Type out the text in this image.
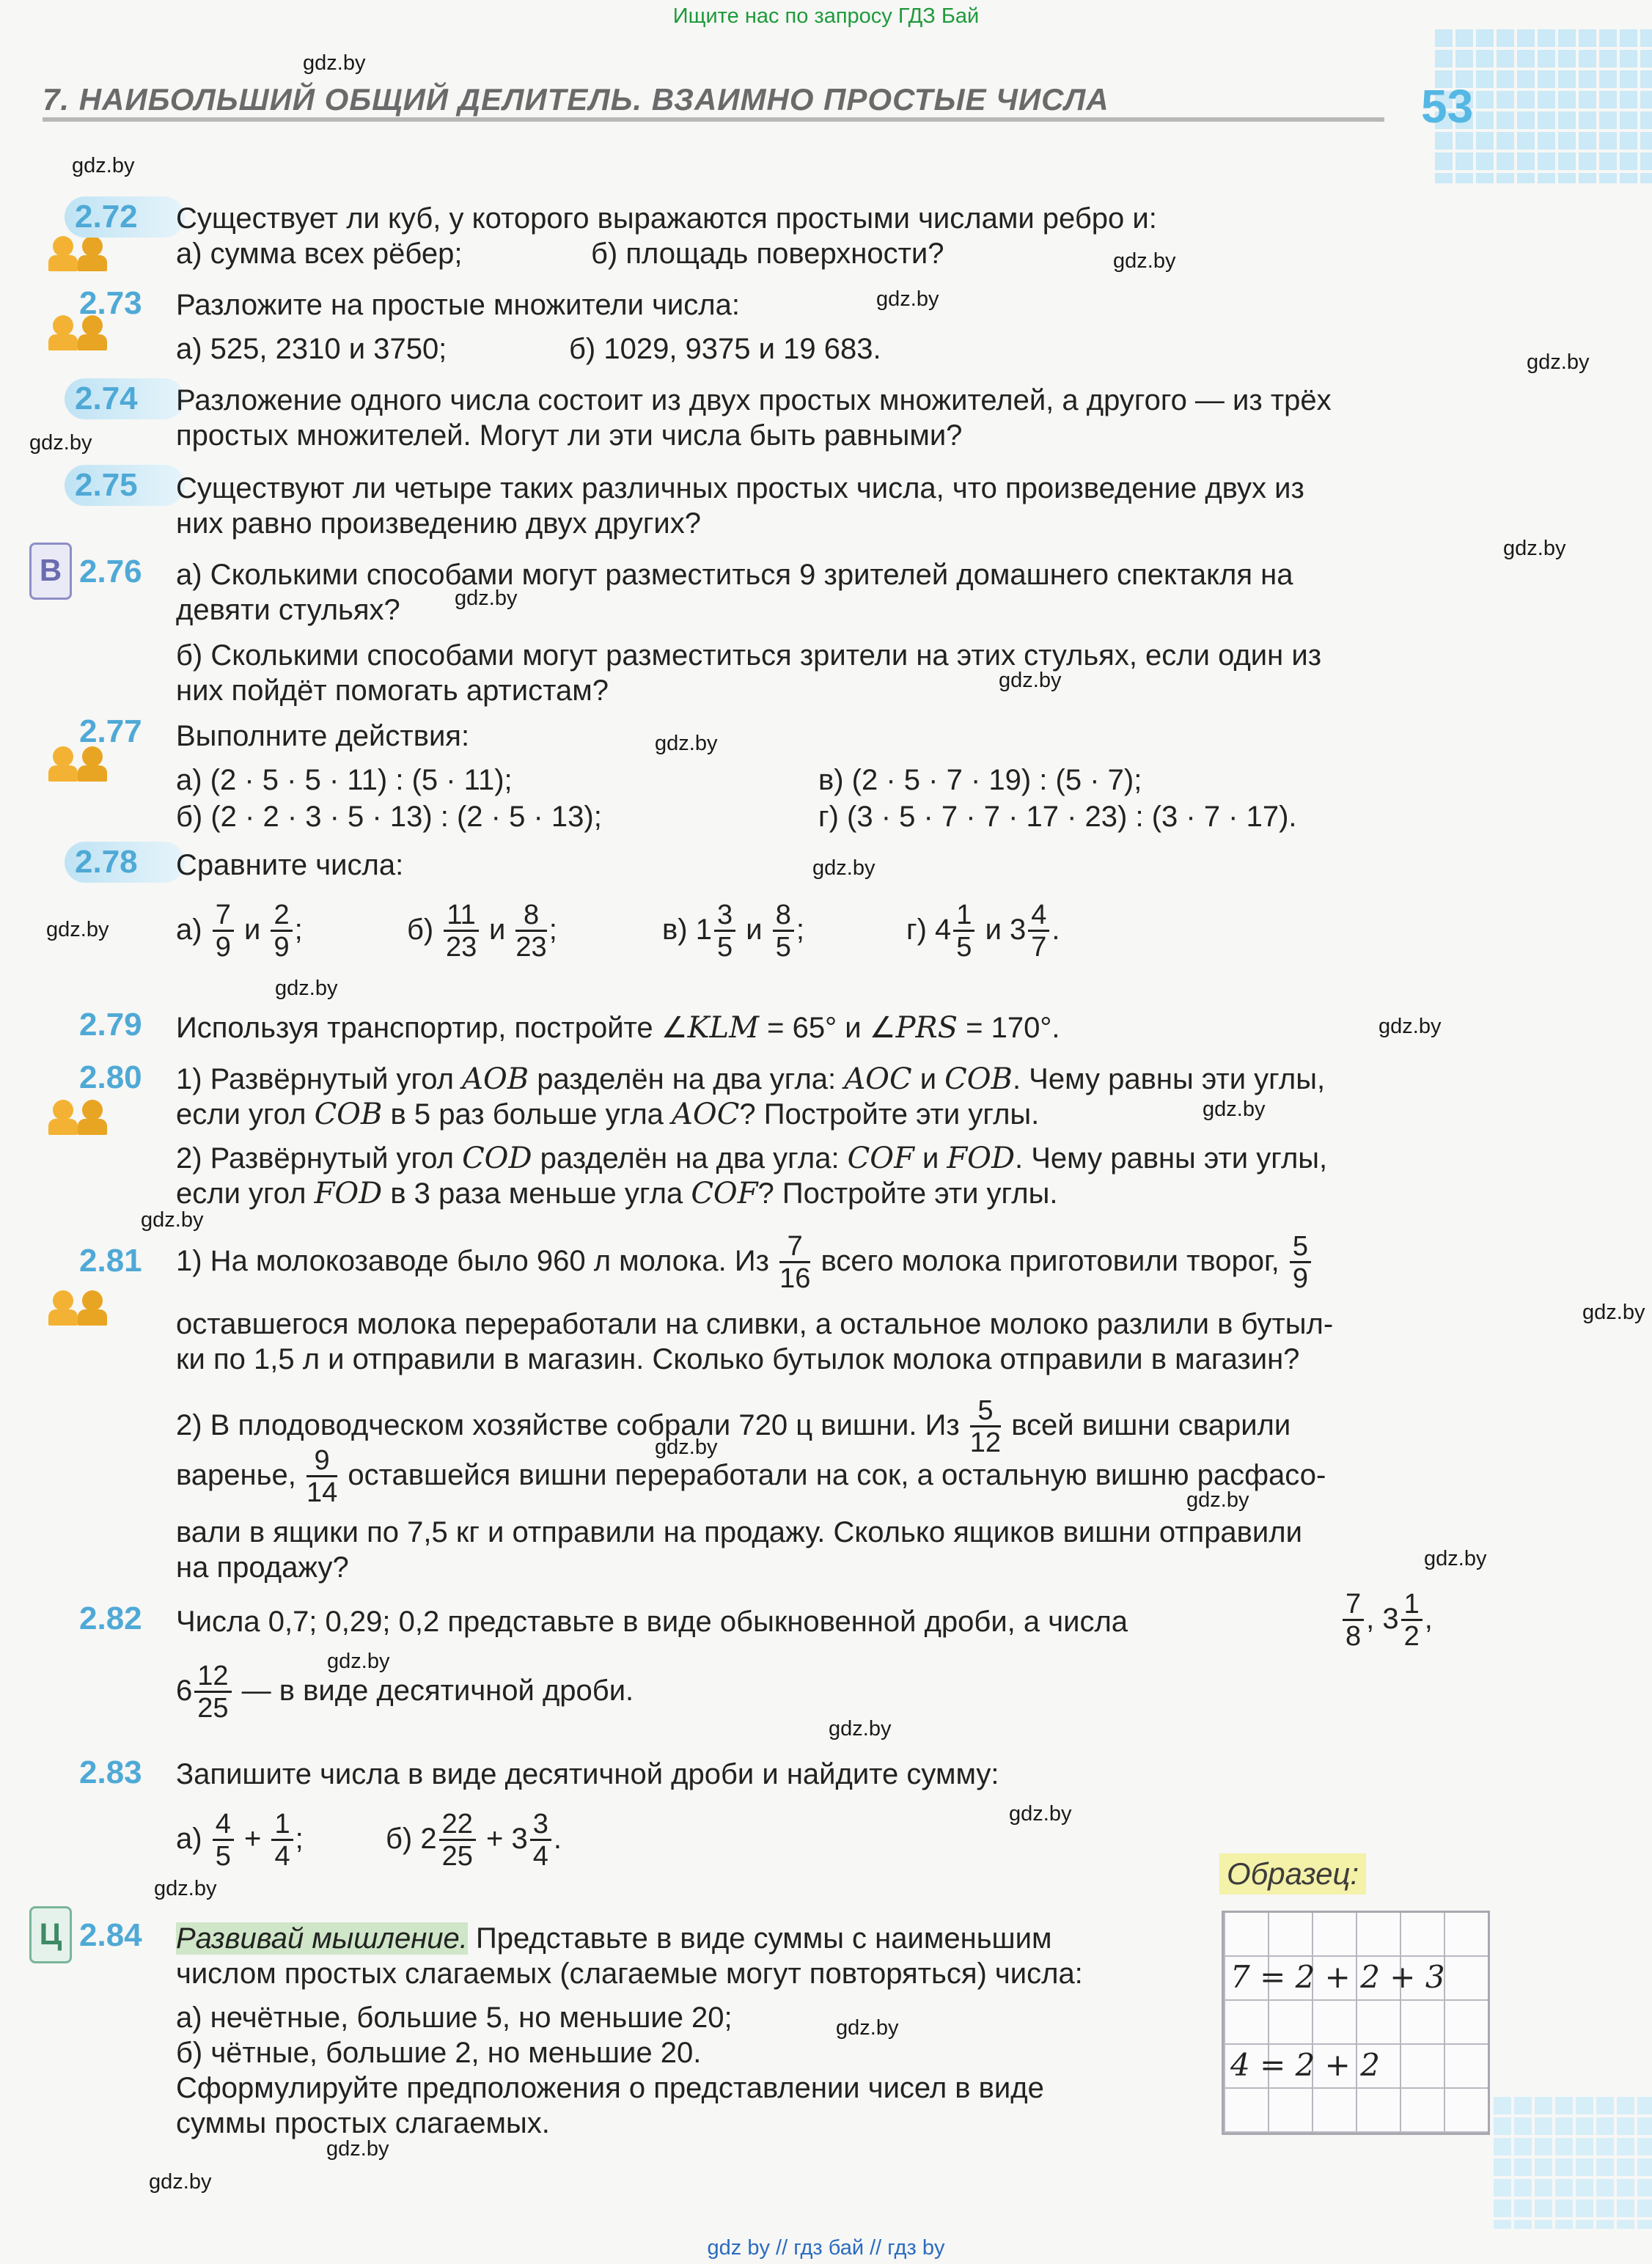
Ищите нас по запросу ГДЗ Бай
7. НАИБОЛЬШИЙ ОБЩИЙ ДЕЛИТЕЛЬ. ВЗАИМНО ПРОСТЫЕ ЧИСЛА	53
gdz.by
gdz.by
gdz.by
gdz.by
gdz.by
gdz.by
gdz.by
gdz.by
gdz.by
gdz.by
gdz.by
gdz.by
gdz.by
gdz.by
gdz.by
gdz.by
gdz.by
gdz.by
gdz.by
gdz.by
gdz.by
gdz.by
gdz.by
gdz.by
gdz.by
gdz.by
gdz.by
2.72	Существует ли куб, у которого выражаются простыми числами ребро и:
а) сумма всех рёбер;	б) площадь поверхности?
2.73 Разложите на простые множители числа:
а) 525, 2310 и 3750;	б) 1029, 9375 и 19 683.
2.74	Разложение одного числа состоит из двух простых множителей, а другого — из трёх
простых множителей. Могут ли эти числа быть равными?
2.75	Существуют ли четыре таких различных простых числа, что произведение двух из
них равно произведению двух других?
В 2.76 а) Сколькими способами могут разместиться 9 зрителей домашнего спектакля на
девяти стульях?
б) Сколькими способами могут разместиться зрители на этих стульях, если один из
них пойдёт помогать артистам?
2.77 Выполните действия:
а) (2 · 5 · 5 · 11) : (5 · 11);	в) (2 · 5 · 7 · 19) : (5 · 7);
б) (2 · 2 · 3 · 5 · 13) : (2 · 5 · 13);	г) (3 · 5 · 7 · 7 · 17 · 23) : (3 · 7 · 17).
2.78	Сравните числа:
$а) \frac{7}{9}$ и $\frac{2}{9}$ ;	$б) \frac{11}{23}$ и $\frac{8}{23}$ ;	в) $1 \frac{3}{5}$ и $\frac{8}{5}$ ;	г) $4 \frac{1}{5}$ и $3 \frac{4}{7}$ .
2.79 Используя транспортир, постройте ∠KLM = 65° и ∠PRS = 170°.
2.80 1) Развёрнутый угол AOB разделён на два угла: AOC и COB. Чему равны эти углы,
если угол COB в 5 раз больше угла AOC? Постройте эти углы.
2) Развёрнутый угол COD разделён на два угла: COF и FOD. Чему равны эти углы,
если угол FOD в 3 раза меньше угла COF? Постройте эти углы.
2.81 1) На молокозаводе было 960 л молока. Из $\frac{7}{16}$ всего молока приготовили творог, $\frac{5}{9}$
оставшегося молока переработали на сливки, а остальное молоко разлили в бутыл-
ки по 1,5 л и отправили в магазин. Сколько бутылок молока отправили в магазин?
2) В плодоводческом хозяйстве собрали 720 ц вишни. Из $\frac{5}{12}$ всей вишни сварили
варенье, $\frac{9}{14}$ оставшейся вишни переработали на сок, а остальную вишню расфасо-
вали в ящики по 7,5 кг и отправили на продажу. Сколько ящиков вишни отправили
на продажу?
2.82 Числа 0,7; 0,29; 0,2 представьте в виде обыкновенной дроби, а числа	$\frac{7}{8}$ , $3 \frac{1}{2}$ ,
$6 \frac{12}{25}$ — в виде десятичной дроби.
2.83 Запишите числа в виде десятичной дроби и найдите сумму:
$а) \frac{4}{5} + \frac{1}{4}$ ;	б) $2 \frac{22}{25} + 3 \frac{3}{4}$ .
Ц 2.84 Развивай мышление. Представьте в виде суммы с наименьшим
числом простых слагаемых (слагаемые могут повторяться) числа:
а) нечётные, большие 5, но меньшие 20;
б) чётные, большие 2, но меньшие 20.
Сформулируйте предположения о представлении чисел в виде
суммы простых слагаемых.
Образец:
7 = 2 + 2 + 3
4 = 2 + 2
gdz by // гдз бай // гдз by
